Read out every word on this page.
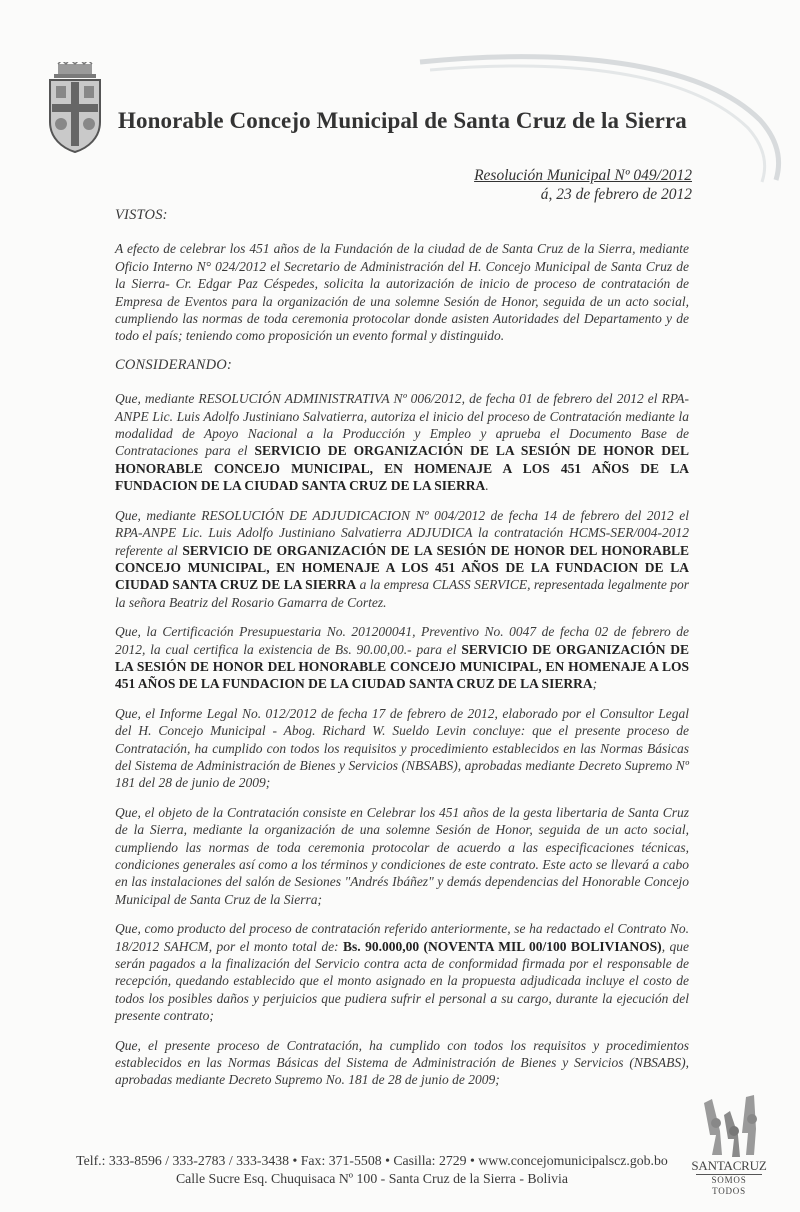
Honorable Concejo Municipal de Santa Cruz de la Sierra
Resolución Municipal Nº 049/2012
á, 23 de febrero de 2012
VISTOS:

A efecto de celebrar los 451 años de la Fundación de la ciudad de de Santa Cruz de la Sierra, mediante Oficio Interno N° 024/2012 el Secretario de Administración del H. Concejo Municipal de Santa Cruz de la Sierra- Cr. Edgar Paz Céspedes, solicita la autorización de inicio de proceso de contratación de Empresa de Eventos para la organización de una solemne Sesión de Honor, seguida de un acto social, cumpliendo las normas de toda ceremonia protocolar donde asisten Autoridades del Departamento y de todo el país; teniendo como proposición un evento formal y distinguido.

CONSIDERANDO:

Que, mediante RESOLUCIÓN ADMINISTRATIVA Nº 006/2012, de fecha 01 de febrero del 2012 el RPA-ANPE Lic. Luis Adolfo Justiniano Salvatierra, autoriza el inicio del proceso de Contratación mediante la modalidad de Apoyo Nacional a la Producción y Empleo y aprueba el Documento Base de Contrataciones para el SERVICIO DE ORGANIZACIÓN DE LA SESIÓN DE HONOR DEL HONORABLE CONCEJO MUNICIPAL, EN HOMENAJE A LOS 451 AÑOS DE LA FUNDACION DE LA CIUDAD SANTA CRUZ DE LA SIERRA.

Que, mediante RESOLUCIÓN DE ADJUDICACION Nº 004/2012 de fecha 14 de febrero del 2012 el RPA-ANPE Lic. Luis Adolfo Justiniano Salvatierra ADJUDICA la contratación HCMS-SER/004-2012 referente al SERVICIO DE ORGANIZACIÓN DE LA SESIÓN DE HONOR DEL HONORABLE CONCEJO MUNICIPAL, EN HOMENAJE A LOS 451 AÑOS DE LA FUNDACION DE LA CIUDAD SANTA CRUZ DE LA SIERRA a la empresa CLASS SERVICE, representada legalmente por la señora Beatriz del Rosario Gamarra de Cortez.

Que, la Certificación Presupuestaria No. 201200041, Preventivo No. 0047 de fecha 02 de febrero de 2012, la cual certifica la existencia de Bs. 90.00,00.- para el SERVICIO DE ORGANIZACIÓN DE LA SESIÓN DE HONOR DEL HONORABLE CONCEJO MUNICIPAL, EN HOMENAJE A LOS 451 AÑOS DE LA FUNDACION DE LA CIUDAD SANTA CRUZ DE LA SIERRA;

Que, el Informe Legal No. 012/2012 de fecha 17 de febrero de 2012, elaborado por el Consultor Legal del H. Concejo Municipal - Abog. Richard W. Sueldo Levin concluye: que el presente proceso de Contratación, ha cumplido con todos los requisitos y procedimiento establecidos en las Normas Básicas del Sistema de Administración de Bienes y Servicios (NBSABS), aprobadas mediante Decreto Supremo Nº 181 del 28 de junio de 2009;

Que, el objeto de la Contratación consiste en Celebrar los 451 años de la gesta libertaria de Santa Cruz de la Sierra, mediante la organización de una solemne Sesión de Honor, seguida de un acto social, cumpliendo las normas de toda ceremonia protocolar de acuerdo a las especificaciones técnicas, condiciones generales así como a los términos y condiciones de este contrato. Este acto se llevará a cabo en las instalaciones del salón de Sesiones "Andrés Ibáñez" y demás dependencias del Honorable Concejo Municipal de Santa Cruz de la Sierra;

Que, como producto del proceso de contratación referido anteriormente, se ha redactado el Contrato No. 18/2012 SAHCM, por el monto total de: Bs. 90.000,00 (NOVENTA MIL 00/100 BOLIVIANOS), que serán pagados a la finalización del Servicio contra acta de conformidad firmada por el responsable de recepción, quedando establecido que el monto asignado en la propuesta adjudicada incluye el costo de todos los posibles daños y perjuicios que pudiera sufrir el personal a su cargo, durante la ejecución del presente contrato;

Que, el presente proceso de Contratación, ha cumplido con todos los requisitos y procedimientos establecidos en las Normas Básicas del Sistema de Administración de Bienes y Servicios (NBSABS), aprobadas mediante Decreto Supremo No. 181 de 28 de junio de 2009;

Telf.: 333-8596 / 333-2783 / 333-3438 • Fax: 371-5508 • Casilla: 2729 • www.concejomunicipalscz.gob.bo
Calle Sucre Esq. Chuquisaca Nº 100 - Santa Cruz de la Sierra - Bolivia
SANTACRUZ
SOMOS TODOS
